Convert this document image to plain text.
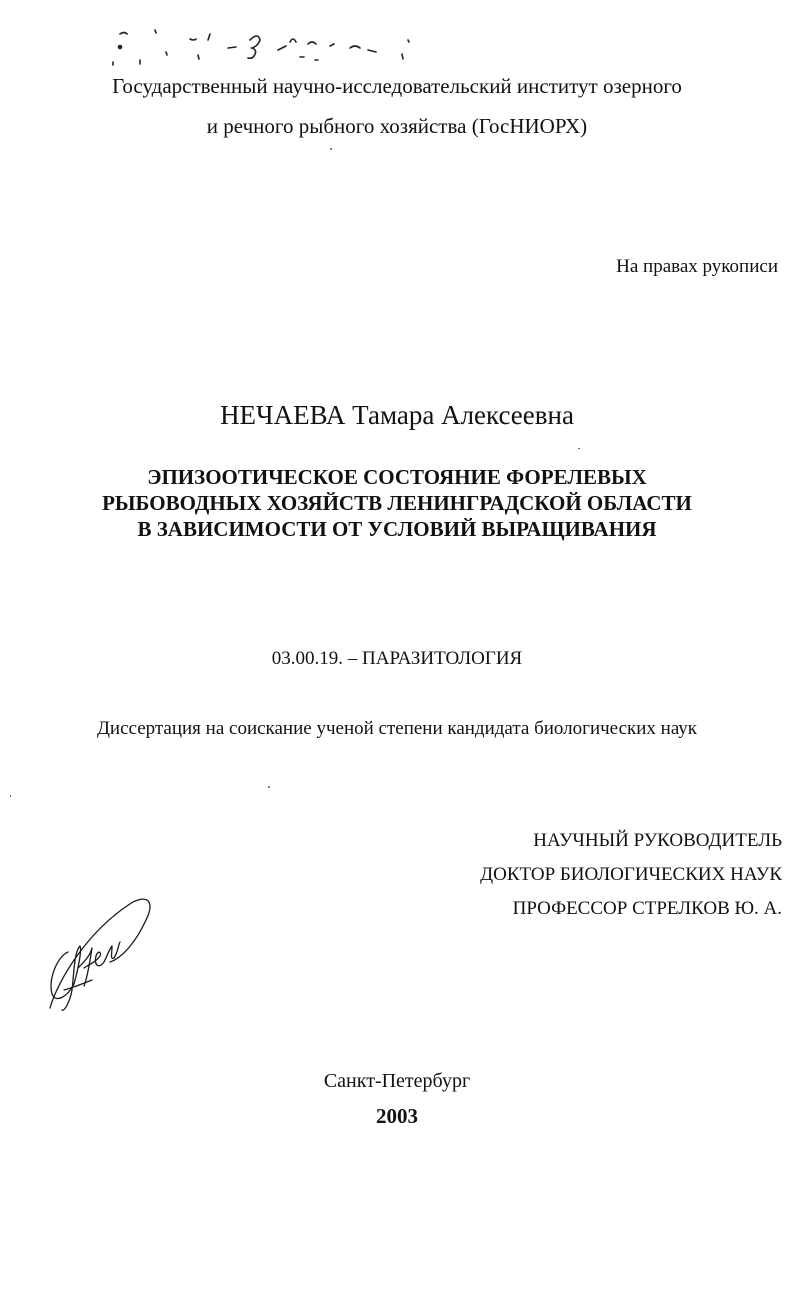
Государственный научно-исследовательский институт озерного
и речного рыбного хозяйства (ГосНИОРХ)
На правах рукописи
НЕЧАЕВА Тамара Алексеевна
ЭПИЗООТИЧЕСКОЕ СОСТОЯНИЕ ФОРЕЛЕВЫХ
РЫБОВОДНЫХ ХОЗЯЙСТВ ЛЕНИНГРАДСКОЙ ОБЛАСТИ
В ЗАВИСИМОСТИ ОТ УСЛОВИЙ ВЫРАЩИВАНИЯ
03.00.19. – ПАРАЗИТОЛОГИЯ
Диссертация на соискание ученой степени кандидата биологических наук
НАУЧНЫЙ РУКОВОДИТЕЛЬ
ДОКТОР БИОЛОГИЧЕСКИХ НАУК
ПРОФЕССОР СТРЕЛКОВ Ю. А.
Санкт-Петербург
2003
